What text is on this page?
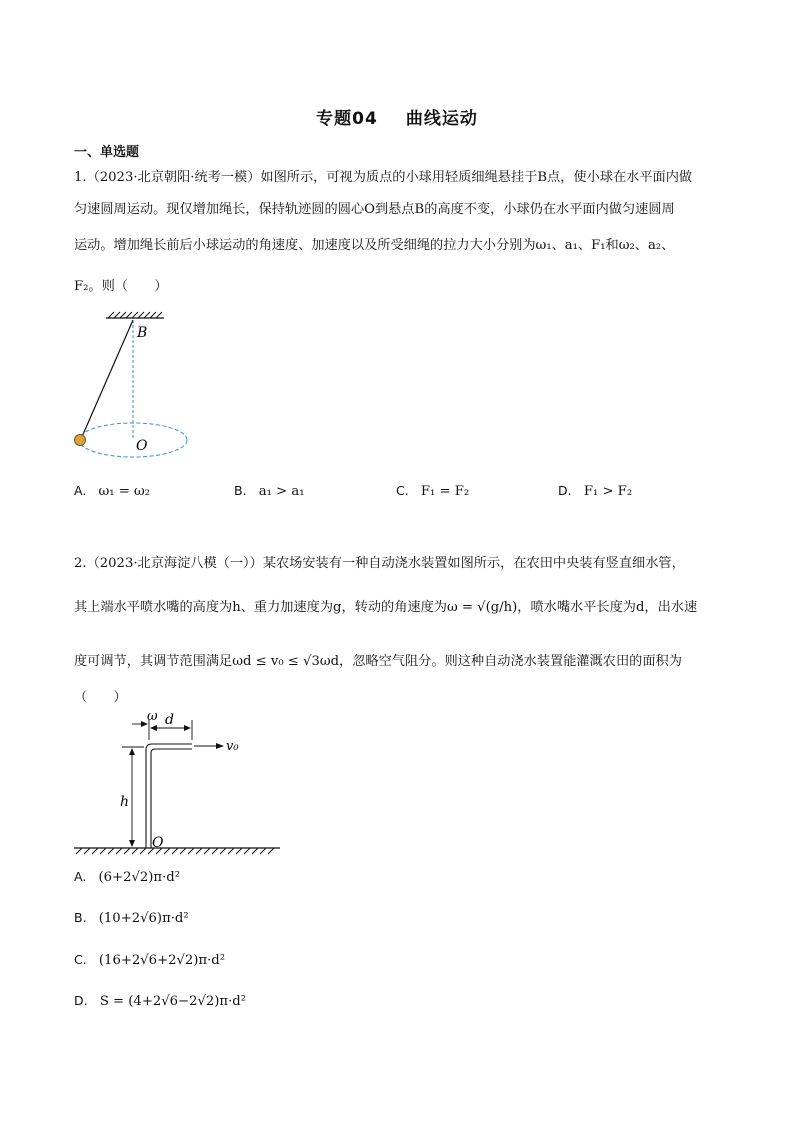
专题04 曲线运动
一、单选题
1.（2023·北京朝阳·统考一模）如图所示，可视为质点的小球用轻质细绳悬挂于B点，使小球在水平面内做
匀速圆周运动。现仅增加绳长，保持轨迹圆的圆心O到悬点B的高度不变，小球仍在水平面内做匀速圆周
运动。增加绳长前后小球运动的角速度、加速度以及所受细绳的拉力大小分别为ω₁、a₁、F₁和ω₂、a₂、
F₂。则（　　）
B
O
A. ω₁ = ω₂	B. a₁ > a₁	C. F₁ = F₂	D. F₁ > F₂
2.（2023·北京海淀八模（一））某农场安装有一种自动浇水装置如图所示，在农田中央装有竖直细水管，
其上端水平喷水嘴的高度为h、重力加速度为g，转动的角速度为ω = √(g/h)，喷水嘴水平长度为d，出水速
度可调节，其调节范围满足ωd ≤ v₀ ≤ √3ωd，忽略空气阻分。则这种自动浇水装置能灌溉农田的面积为
（　　）
ω d
v₀
h
O
A. (6+2√2)π·d²
B. (10+2√6)π·d²
C. (16+2√6+2√2)π·d²
D. S = (4+2√6−2√2)π·d²
